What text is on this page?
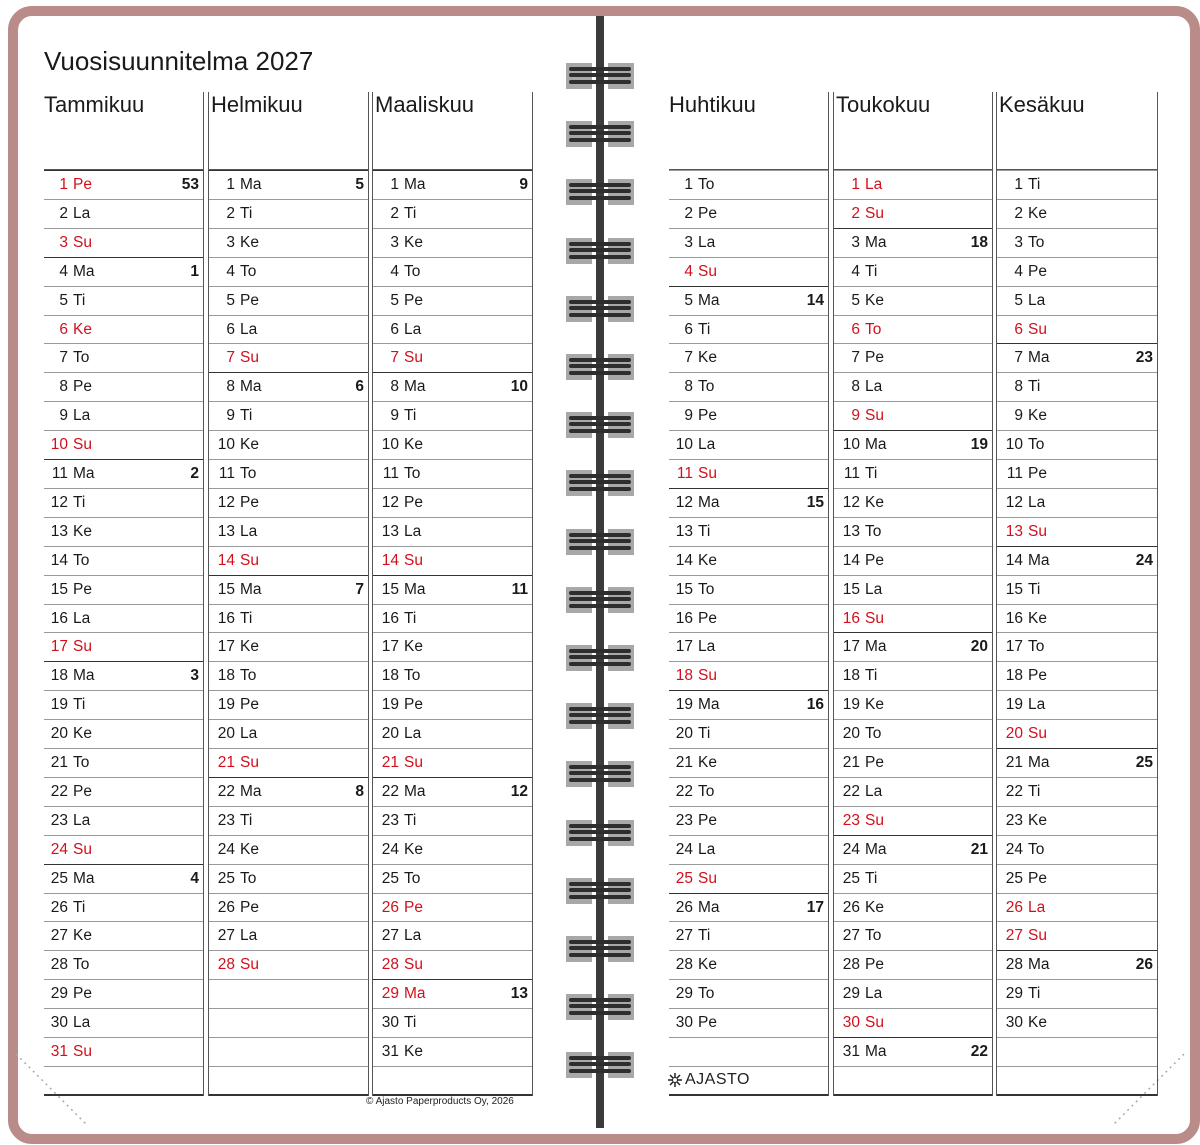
Vuosisuunnitelma 2027
Tammikuu
1 Pe	53
2 La
3 Su
4 Ma	1
5 Ti
6 Ke
7 To
8 Pe
9 La
10 Su
11 Ma	2
12 Ti
13 Ke
14 To
15 Pe
16 La
17 Su
18 Ma	3
19 Ti
20 Ke
21 To
22 Pe
23 La
24 Su
25 Ma	4
26 Ti
27 Ke
28 To
29 Pe
30 La
31 Su
Helmikuu
1 Ma	5
2 Ti
3 Ke
4 To
5 Pe
6 La
7 Su
8 Ma	6
9 Ti
10 Ke
11 To
12 Pe
13 La
14 Su
15 Ma	7
16 Ti
17 Ke
18 To
19 Pe
20 La
21 Su
22 Ma	8
23 Ti
24 Ke
25 To
26 Pe
27 La
28 Su
Maaliskuu
1 Ma	9
2 Ti
3 Ke
4 To
5 Pe
6 La
7 Su
8 Ma	10
9 Ti
10 Ke
11 To
12 Pe
13 La
14 Su
15 Ma	11
16 Ti
17 Ke
18 To
19 Pe
20 La
21 Su
22 Ma	12
23 Ti
24 Ke
25 To
26 Pe
27 La
28 Su
29 Ma	13
30 Ti
31 Ke
Huhtikuu
1 To
2 Pe
3 La
4 Su
5 Ma	14
6 Ti
7 Ke
8 To
9 Pe
10 La
11 Su
12 Ma	15
13 Ti
14 Ke
15 To
16 Pe
17 La
18 Su
19 Ma	16
20 Ti
21 Ke
22 To
23 Pe
24 La
25 Su
26 Ma	17
27 Ti
28 Ke
29 To
30 Pe
Toukokuu
1 La
2 Su
3 Ma	18
4 Ti
5 Ke
6 To
7 Pe
8 La
9 Su
10 Ma	19
11 Ti
12 Ke
13 To
14 Pe
15 La
16 Su
17 Ma	20
18 Ti
19 Ke
20 To
21 Pe
22 La
23 Su
24 Ma	21
25 Ti
26 Ke
27 To
28 Pe
29 La
30 Su
31 Ma	22
Kesäkuu
1 Ti
2 Ke
3 To
4 Pe
5 La
6 Su
7 Ma	23
8 Ti
9 Ke
10 To
11 Pe
12 La
13 Su
14 Ma	24
15 Ti
16 Ke
17 To
18 Pe
19 La
20 Su
21 Ma	25
22 Ti
23 Ke
24 To
25 Pe
26 La
27 Su
28 Ma	26
29 Ti
30 Ke
© Ajasto Paperproducts Oy, 2026
AJASTO
